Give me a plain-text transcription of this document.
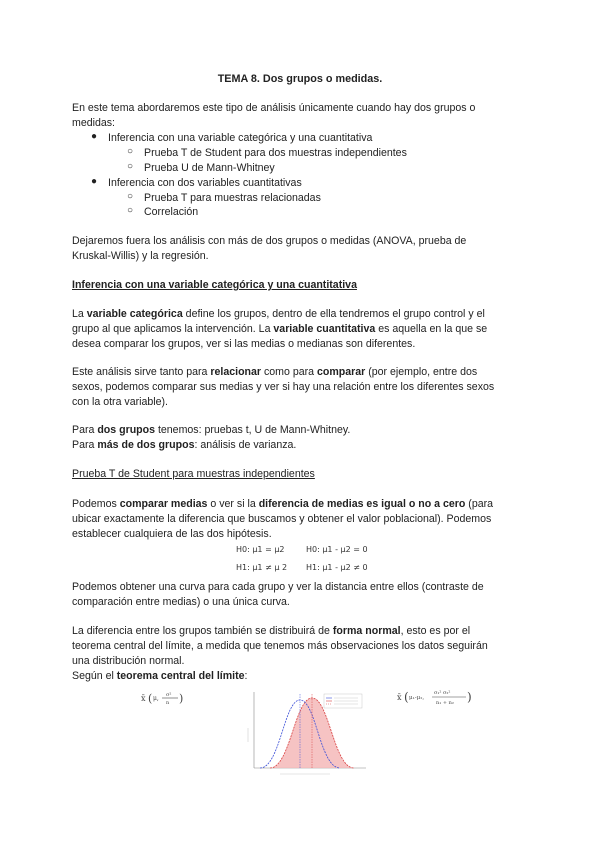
TEMA 8. Dos grupos o medidas.
En este tema abordaremos este tipo de análisis únicamente cuando hay dos grupos o
medidas:
● Inferencia con una variable categórica y una cuantitativa
○ Prueba T de Student para dos muestras independientes
○ Prueba U de Mann-Whitney
● Inferencia con dos variables cuantitativas
○ Prueba T para muestras relacionadas
○ Correlación
Dejaremos fuera los análisis con más de dos grupos o medidas (ANOVA, prueba de
Kruskal-Willis) y la regresión.
Inferencia con una variable categórica y una cuantitativa
La variable categórica define los grupos, dentro de ella tendremos el grupo control y el
grupo al que aplicamos la intervención. La variable cuantitativa es aquella en la que se
desea comparar los grupos, ver si las medias o medianas son diferentes.
Este análisis sirve tanto para relacionar como para comparar (por ejemplo, entre dos
sexos, podemos comparar sus medias y ver si hay una relación entre los diferentes sexos
con la otra variable).
Para dos grupos tenemos: pruebas t, U de Mann-Whitney.
Para más de dos grupos: análisis de varianza.
Prueba T de Student para muestras independientes
Podemos comparar medias o ver si la diferencia de medias es igual o no a cero (para
ubicar exactamente la diferencia que buscamos y obtener el valor poblacional). Podemos
establecer cualquiera de las dos hipótesis.
H0: μ1 = μ2	H0: μ1 - μ2 = 0
H1: μ1 ≠ μ 2 H1: μ1 - μ2 ≠ 0
Podemos obtener una curva para cada grupo y ver la distancia entre ellos (contraste de
comparación entre medias) o una única curva.
La diferencia entre los grupos también se distribuirá de forma normal, esto es por el
teorema central del límite, a medida que tenemos más observaciones los datos seguirán
una distribución normal.
Según el teorema central del límite:
x̄ ( μ, σ²
n )	x̄ ( μ₁-μ₂,
σ₁² σ₂²
n₁ + n₂ )
